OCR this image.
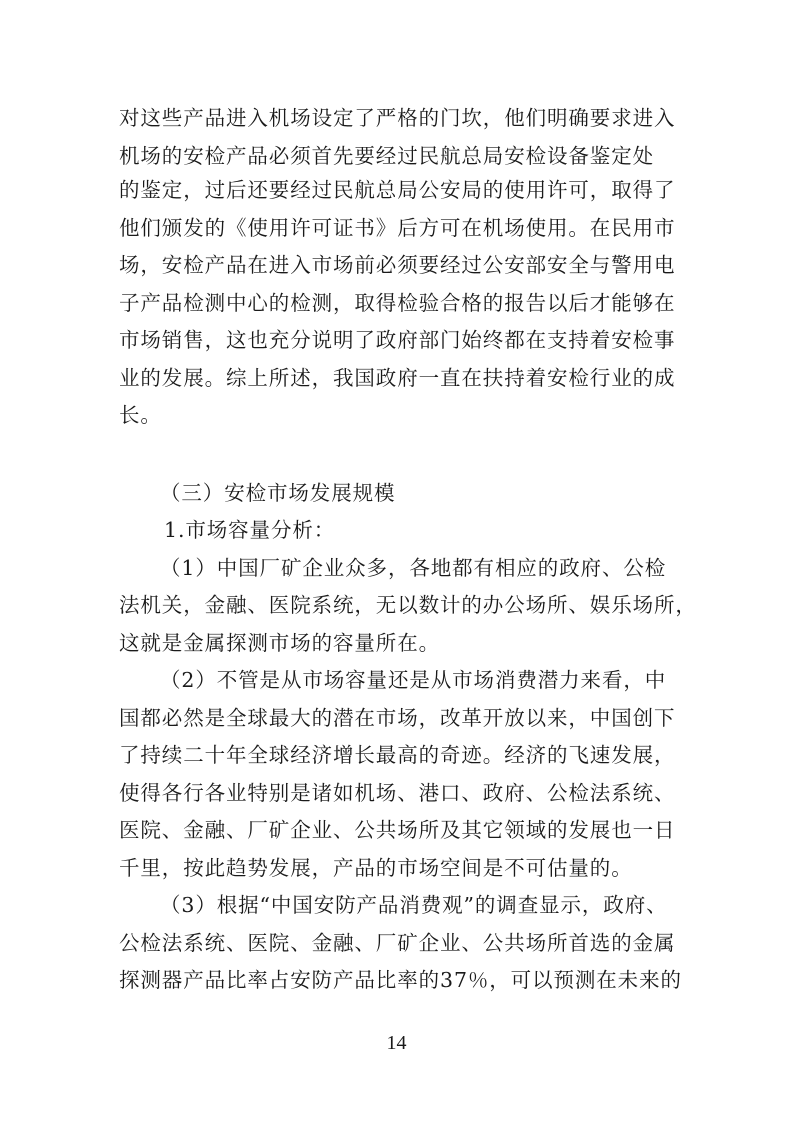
对这些产品进入机场设定了严格的门坎，他们明确要求进入
机场的安检产品必须首先要经过民航总局安检设备鉴定处
的鉴定，过后还要经过民航总局公安局的使用许可，取得了
他们颁发的《使用许可证书》后方可在机场使用。在民用市
场，安检产品在进入市场前必须要经过公安部安全与警用电
子产品检测中心的检测，取得检验合格的报告以后才能够在
市场销售，这也充分说明了政府部门始终都在支持着安检事
业的发展。综上所述，我国政府一直在扶持着安检行业的成
长。
（三）安检市场发展规模
1.市场容量分析：
（1）中国厂矿企业众多，各地都有相应的政府、公检
法机关，金融、医院系统，无以数计的办公场所、娱乐场所，
这就是金属探测市场的容量所在。
（2）不管是从市场容量还是从市场消费潜力来看，中
国都必然是全球最大的潜在市场，改革开放以来，中国创下
了持续二十年全球经济增长最高的奇迹。经济的飞速发展，
使得各行各业特别是诸如机场、港口、政府、公检法系统、
医院、金融、厂矿企业、公共场所及其它领域的发展也一日
千里，按此趋势发展，产品的市场空间是不可估量的。
（3）根据“中国安防产品消费观”的调查显示，政府、
公检法系统、医院、金融、厂矿企业、公共场所首选的金属
探测器产品比率占安防产品比率的37％，可以预测在未来的
14
